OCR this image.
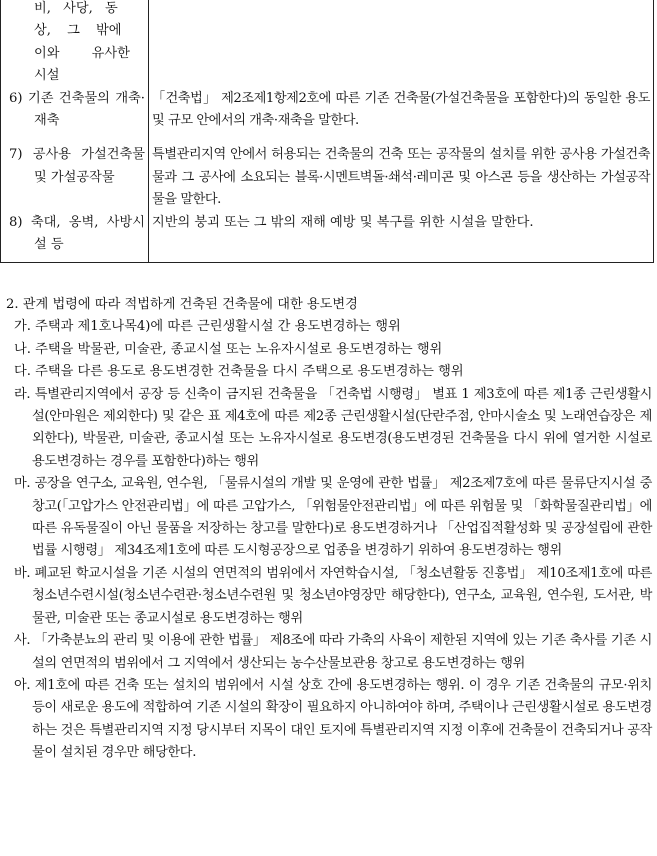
비, 사당, 동
상, 그 밖에
이와 유사한
시설	

6) 기존 건축물의 개축·재축	「건축법」 제2조제1항제2호에 따른 기존 건축물(가설건축물을 포함한다)의 동일한 용도 및 규모 안에서의 개축·재축을 말한다.

7) 공사용 가설건축물 및 가설공작물	특별관리지역 안에서 허용되는 건축물의 건축 또는 공작물의 설치를 위한 공사용 가설건축물과 그 공사에 소요되는 블록·시멘트벽돌·쇄석·레미콘 및 아스콘 등을 생산하는 가설공작물을 말한다.

8) 축대, 옹벽, 사방시설 등	지반의 붕괴 또는 그 밖의 재해 예방 및 복구를 위한 시설을 말한다.

2. 관계 법령에 따라 적법하게 건축된 건축물에 대한 용도변경

가. 주택과 제1호나목4)에 따른 근린생활시설 간 용도변경하는 행위

나. 주택을 박물관, 미술관, 종교시설 또는 노유자시설로 용도변경하는 행위

다. 주택을 다른 용도로 용도변경한 건축물을 다시 주택으로 용도변경하는 행위

라. 특별관리지역에서 공장 등 신축이 금지된 건축물을 「건축법 시행령」 별표 1 제3호에 따른 제1종 근린생활시설(안마원은 제외한다) 및 같은 표 제4호에 따른 제2종 근린생활시설(단란주점, 안마시술소 및 노래연습장은 제외한다), 박물관, 미술관, 종교시설 또는 노유자시설로 용도변경(용도변경된 건축물을 다시 위에 열거한 시설로 용도변경하는 경우를 포함한다)하는 행위

마. 공장을 연구소, 교육원, 연수원, 「물류시설의 개발 및 운영에 관한 법률」 제2조제7호에 따른 물류단지시설 중 창고(「고압가스 안전관리법」에 따른 고압가스, 「위험물안전관리법」에 따른 위험물 및 「화학물질관리법」에 따른 유독물질이 아닌 물품을 저장하는 창고를 말한다)로 용도변경하거나 「산업집적활성화 및 공장설립에 관한 법률 시행령」 제34조제1호에 따른 도시형공장으로 업종을 변경하기 위하여 용도변경하는 행위

바. 폐교된 학교시설을 기존 시설의 연면적의 범위에서 자연학습시설, 「청소년활동 진흥법」 제10조제1호에 따른 청소년수련시설(청소년수련관·청소년수련원 및 청소년야영장만 해당한다), 연구소, 교육원, 연수원, 도서관, 박물관, 미술관 또는 종교시설로 용도변경하는 행위

사. 「가축분뇨의 관리 및 이용에 관한 법률」 제8조에 따라 가축의 사육이 제한된 지역에 있는 기존 축사를 기존 시설의 연면적의 범위에서 그 지역에서 생산되는 농수산물보관용 창고로 용도변경하는 행위

아. 제1호에 따른 건축 또는 설치의 범위에서 시설 상호 간에 용도변경하는 행위. 이 경우 기존 건축물의 규모·위치 등이 새로운 용도에 적합하여 기존 시설의 확장이 필요하지 아니하여야 하며, 주택이나 근린생활시설로 용도변경하는 것은 특별관리지역 지정 당시부터 지목이 대인 토지에 특별관리지역 지정 이후에 건축물이 건축되거나 공작물이 설치된 경우만 해당한다.
